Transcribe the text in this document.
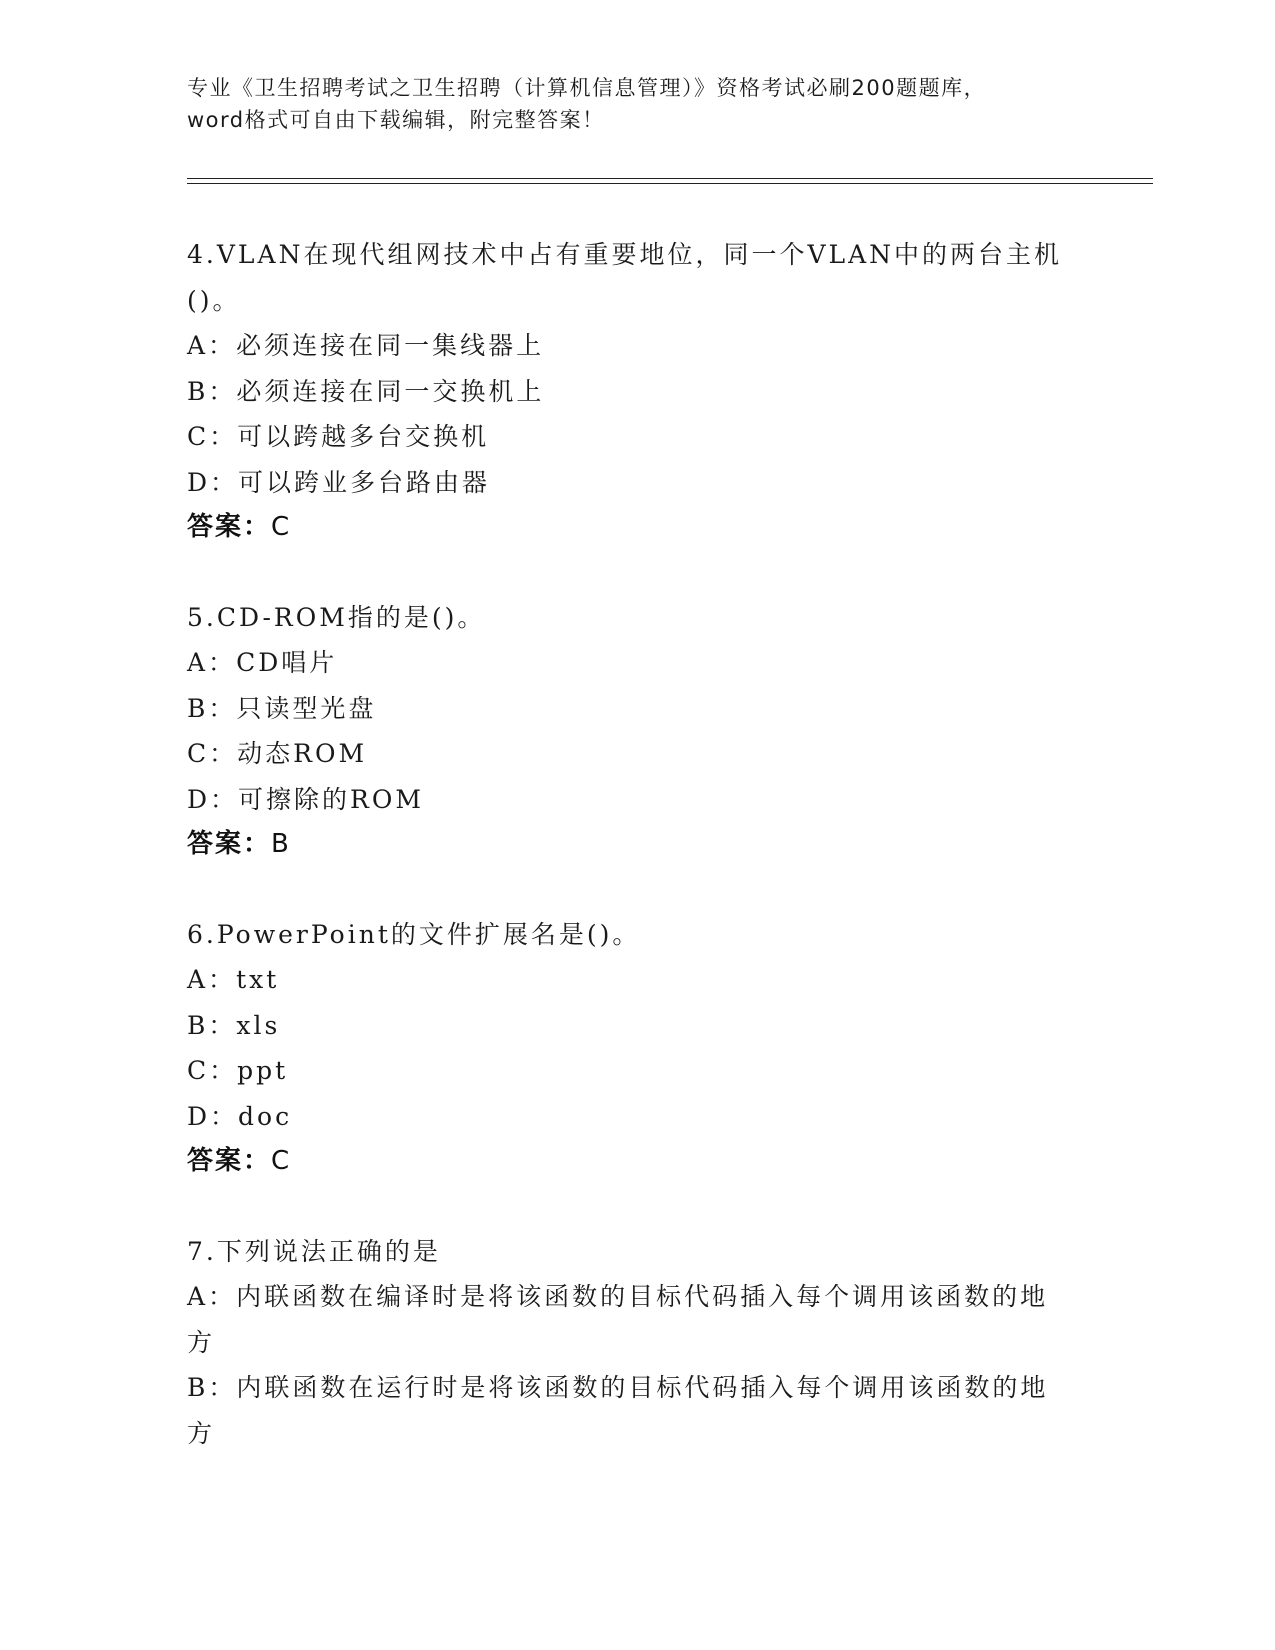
专业《卫生招聘考试之卫生招聘（计算机信息管理）》资格考试必刷200题题库，
word格式可自由下载编辑，附完整答案！
4.VLAN在现代组网技术中占有重要地位，同一个VLAN中的两台主机()。
A：必须连接在同一集线器上
B：必须连接在同一交换机上
C：可以跨越多台交换机
D：可以跨业多台路由器
答案：C
5.CD-ROM指的是()。
A：CD唱片
B：只读型光盘
C：动态ROM
D：可擦除的ROM
答案：B
6.PowerPoint的文件扩展名是()。
A：txt
B：xls
C：ppt
D：doc
答案：C
7.下列说法正确的是
A：内联函数在编译时是将该函数的目标代码插入每个调用该函数的地方
B：内联函数在运行时是将该函数的目标代码插入每个调用该函数的地方
